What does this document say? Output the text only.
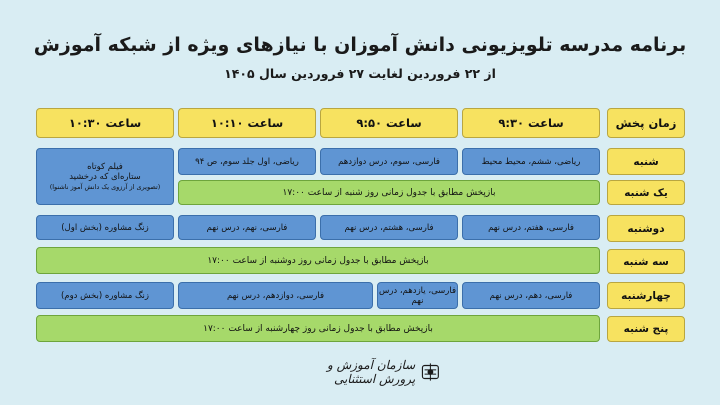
برنامه مدرسه تلویزیونی دانش آموزان با نیازهای ویژه از شبکه آموزش
از ۲۲ فروردین لغایت ۲۷ فروردین سال ۱۴۰۵
زمان پخش
ساعت ۹:۳۰
ساعت ۹:۵۰
ساعت ۱۰:۱۰
ساعت ۱۰:۳۰
شنبه
ریاضی، ششم، محیط محیط
فارسی، سوم، درس دوازدهم
ریاضی، اول جلد سوم، ص ۹۴
فیلم کوتاه
ستاره‌ای که درخشید
(تصویری از آرزوی یک دانش آموز ناشنوا)	یک شنبه
بازپخش مطابق با جدول زمانی روز شنبه از ساعت ۱۷:۰۰
دوشنبه
فارسی، هفتم، درس نهم
فارسی، هشتم، درس نهم
فارسی، نهم، درس نهم
زنگ مشاوره (بخش اول)
سه شنبه
بازپخش مطابق با جدول زمانی روز دوشنبه از ساعت ۱۷:۰۰
چهارشنبه
فارسی، دهم، درس نهم
فارسی، یازدهم، درس نهم
فارسی، دوازدهم، درس نهم
زنگ مشاوره (بخش دوم)
پنج شنبه
بازپخش مطابق با جدول زمانی روز چهارشنبه از ساعت ۱۷:۰۰
سازمان آموزش و پرورش استثنایی
